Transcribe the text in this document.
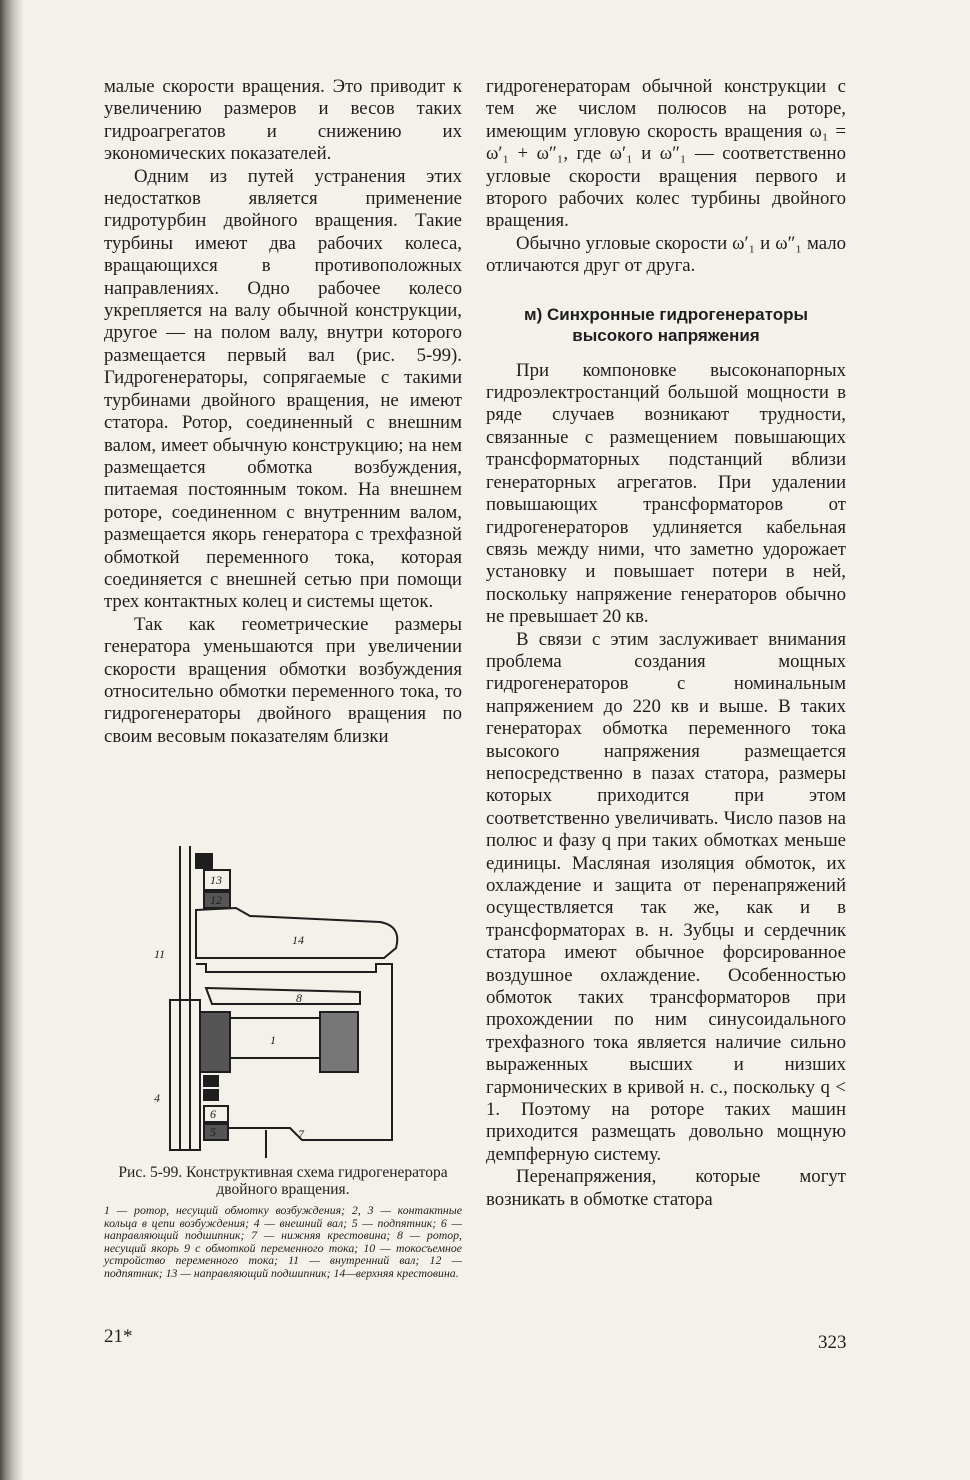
малые скорости вращения. Это приводит к увеличению размеров и весов таких гидроагрегатов и снижению их экономических показателей.

Одним из путей устранения этих недостатков является применение гидротурбин двойного вращения. Такие турбины имеют два рабочих колеса, вращающихся в противоположных направлениях. Одно рабочее колесо укрепляется на валу обычной конструкции, другое — на полом валу, внутри которого размещается первый вал (рис. 5-99). Гидрогенераторы, сопрягаемые с такими турбинами двойного вращения, не имеют статора. Ротор, соединенный с внешним валом, имеет обычную конструкцию; на нем размещается обмотка возбуждения, питаемая постоянным током. На внешнем роторе, соединенном с внутренним валом, размещается якорь генератора с трехфазной обмоткой переменного тока, которая соединяется с внешней сетью при помощи трех контактных колец и системы щеток.

Так как геометрические размеры генератора уменьшаются при увеличении скорости вращения обмотки возбуждения относительно обмотки переменного тока, то гидрогенераторы двойного вращения по своим весовым показателям близки

10
13
12
14
11
8
1
6
5	7
4
Рис. 5-99. Конструктивная схема гидрогенератора двойного вращения.
1 — ротор, несущий обмотку возбуждения; 2, 3 — контактные кольца в цепи возбуждения; 4 — внешний вал; 5 — подпятник; 6 — направляющий подшипник; 7 — нижняя крестовина; 8 — ротор, несущий якорь 9 с обмоткой переменного тока; 10 — токосъемное устройство переменного тока; 11 — внутренний вал; 12 — подпятник; 13 — направляющий подшипник; 14—верхняя крестовина.

гидрогенераторам обычной конструкции с тем же числом полюсов на роторе, имеющим угловую скорость вращения ω₁ = ω′₁ + ω″₁, где ω′₁ и ω″₁ — соответственно угловые скорости вращения первого и второго рабочих колес турбины двойного вращения.

Обычно угловые скорости ω′₁ и ω″₁ мало отличаются друг от друга.

м) Синхронные гидрогенераторы высокого напряжения

При компоновке высоконапорных гидроэлектростанций большой мощности в ряде случаев возникают трудности, связанные с размещением повышающих трансформаторных подстанций вблизи генераторных агрегатов. При удалении повышающих трансформаторов от гидрогенераторов удлиняется кабельная связь между ними, что заметно удорожает установку и повышает потери в ней, поскольку напряжение генераторов обычно не превышает 20 кв.

В связи с этим заслуживает внимания проблема создания мощных гидрогенераторов с номинальным напряжением до 220 кв и выше. В таких генераторах обмотка переменного тока высокого напряжения размещается непосредственно в пазах статора, размеры которых приходится при этом соответственно увеличивать. Число пазов на полюс и фазу q при таких обмотках меньше единицы. Масляная изоляция обмоток, их охлаждение и защита от перенапряжений осуществляется так же, как и в трансформаторах в. н. Зубцы и сердечник статора имеют обычное форсированное воздушное охлаждение. Особенностью обмоток таких трансформаторов при прохождении по ним синусоидального трехфазного тока является наличие сильно выраженных высших и низших гармонических в кривой н. с., поскольку q < 1. Поэтому на роторе таких машин приходится размещать довольно мощную демпферную систему.

Перенапряжения, которые могут возникать в обмотке статора

21*	323
